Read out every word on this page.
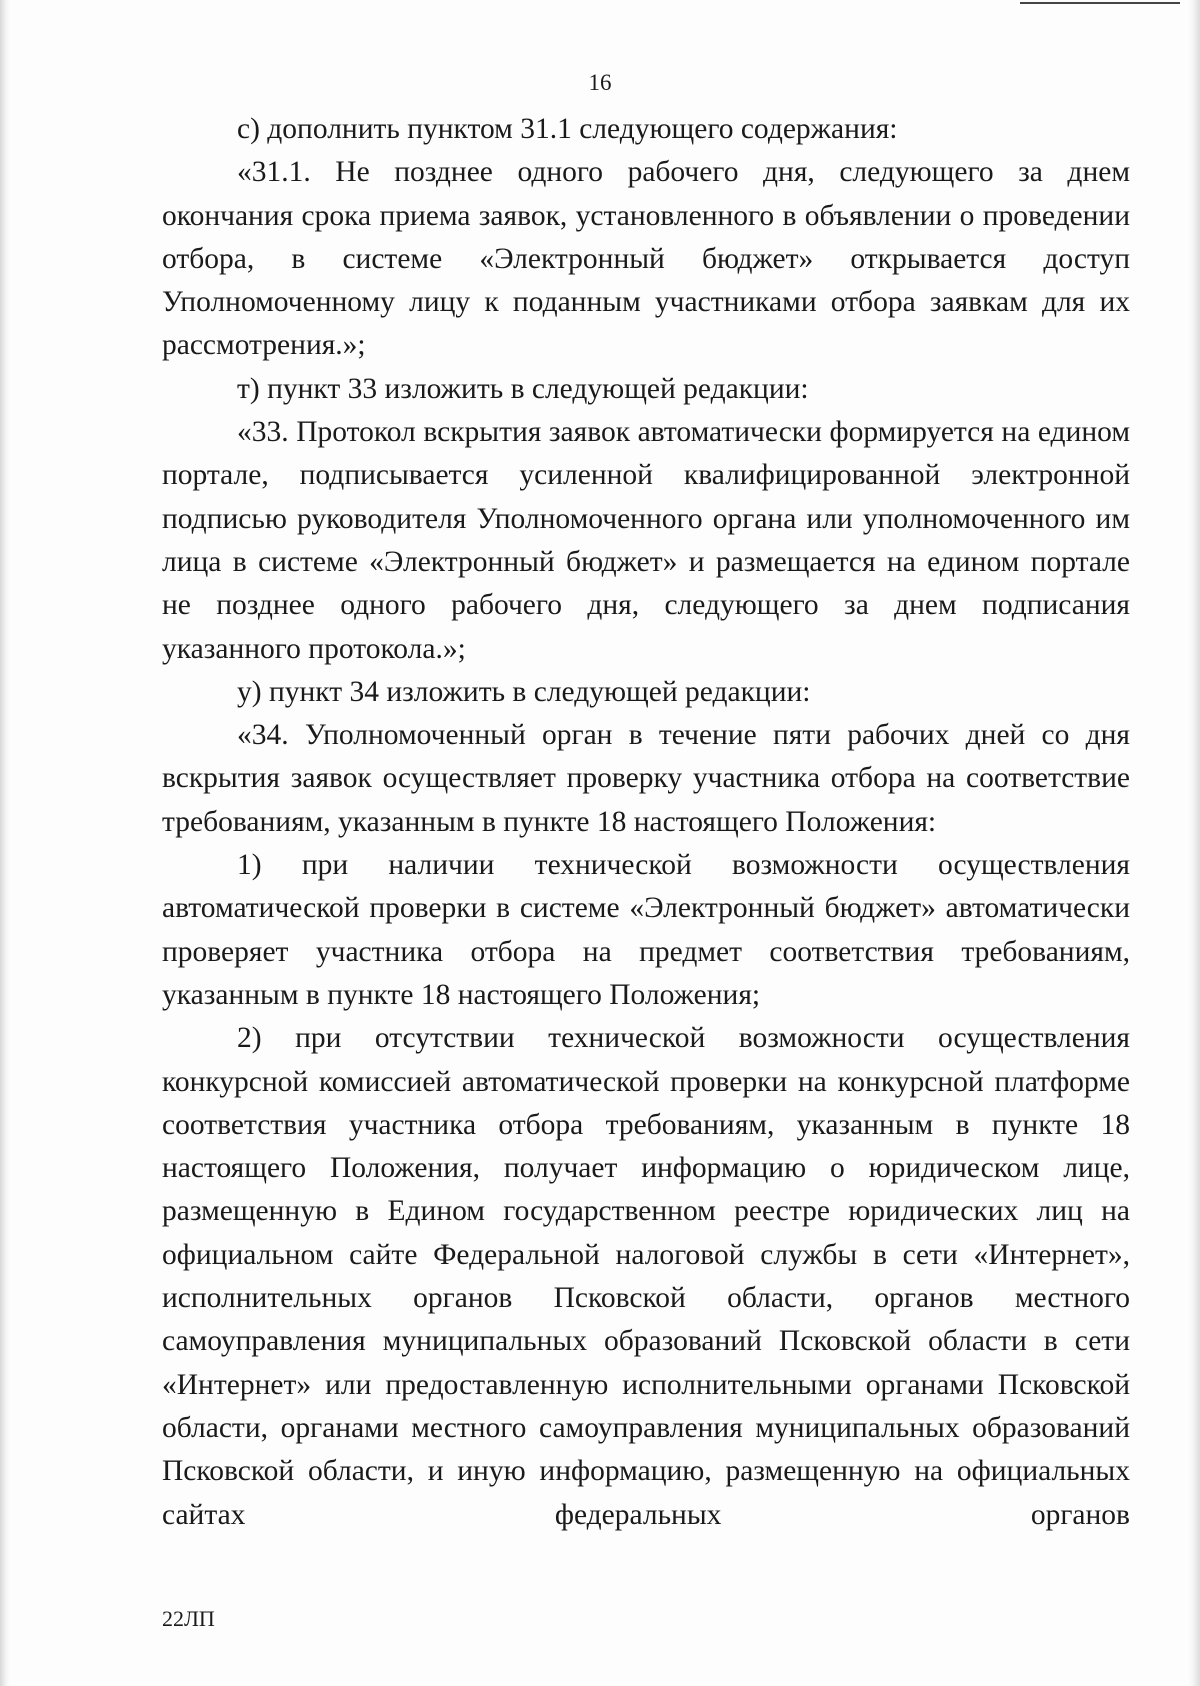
16

с) дополнить пунктом 31.1 следующего содержания:

«31.1. Не позднее одного рабочего дня, следующего за днем окончания срока приема заявок, установленного в объявлении о проведении отбора, в системе «Электронный бюджет» открывается доступ Уполномоченному лицу к поданным участниками отбора заявкам для их рассмотрения.»;

т) пункт 33 изложить в следующей редакции:

«33. Протокол вскрытия заявок автоматически формируется на едином портале, подписывается усиленной квалифицированной электронной подписью руководителя Уполномоченного органа или уполномоченного им лица в системе «Электронный бюджет» и размещается на едином портале не позднее одного рабочего дня, следующего за днем подписания указанного протокола.»;

у) пункт 34 изложить в следующей редакции:

«34. Уполномоченный орган в течение пяти рабочих дней со дня вскрытия заявок осуществляет проверку участника отбора на соответствие требованиям, указанным в пункте 18 настоящего Положения:

1) при наличии технической возможности осуществления автоматической проверки в системе «Электронный бюджет» автоматически проверяет участника отбора на предмет соответствия требованиям, указанным в пункте 18 настоящего Положения;

2) при отсутствии технической возможности осуществления конкурсной комиссией автоматической проверки на конкурсной платформе соответствия участника отбора требованиям, указанным в пункте 18 настоящего Положения, получает информацию о юридическом лице, размещенную в Едином государственном реестре юридических лиц на официальном сайте Федеральной налоговой службы в сети «Интернет», исполнительных органов Псковской области, органов местного самоуправления муниципальных образований Псковской области в сети «Интернет» или предоставленную исполнительными органами Псковской области, органами местного самоуправления муниципальных образований Псковской области, и иную информацию, размещенную на официальных сайтах федеральных органов

22ЛП
